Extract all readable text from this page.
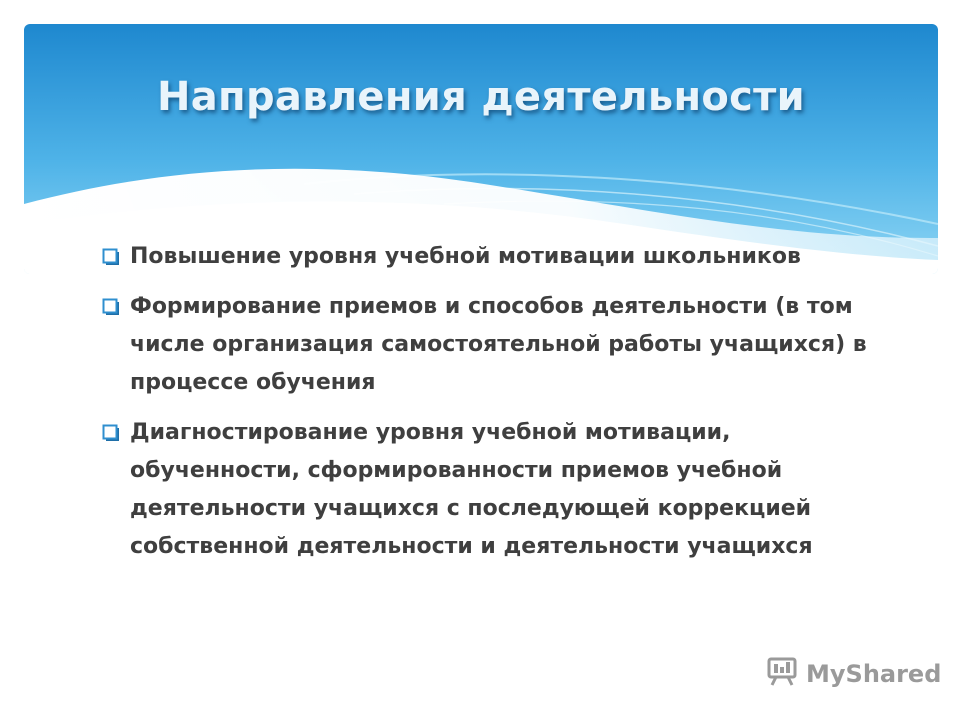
Направления деятельности
Повышение уровня учебной мотивации школьников
Формирование приемов и способов деятельности (в том числе организация самостоятельной работы учащихся) в процессе обучения
Диагностирование уровня учебной мотивации, обученности, сформированности приемов учебной деятельности учащихся с последующей коррекцией собственной деятельности и деятельности учащихся
MyShared
